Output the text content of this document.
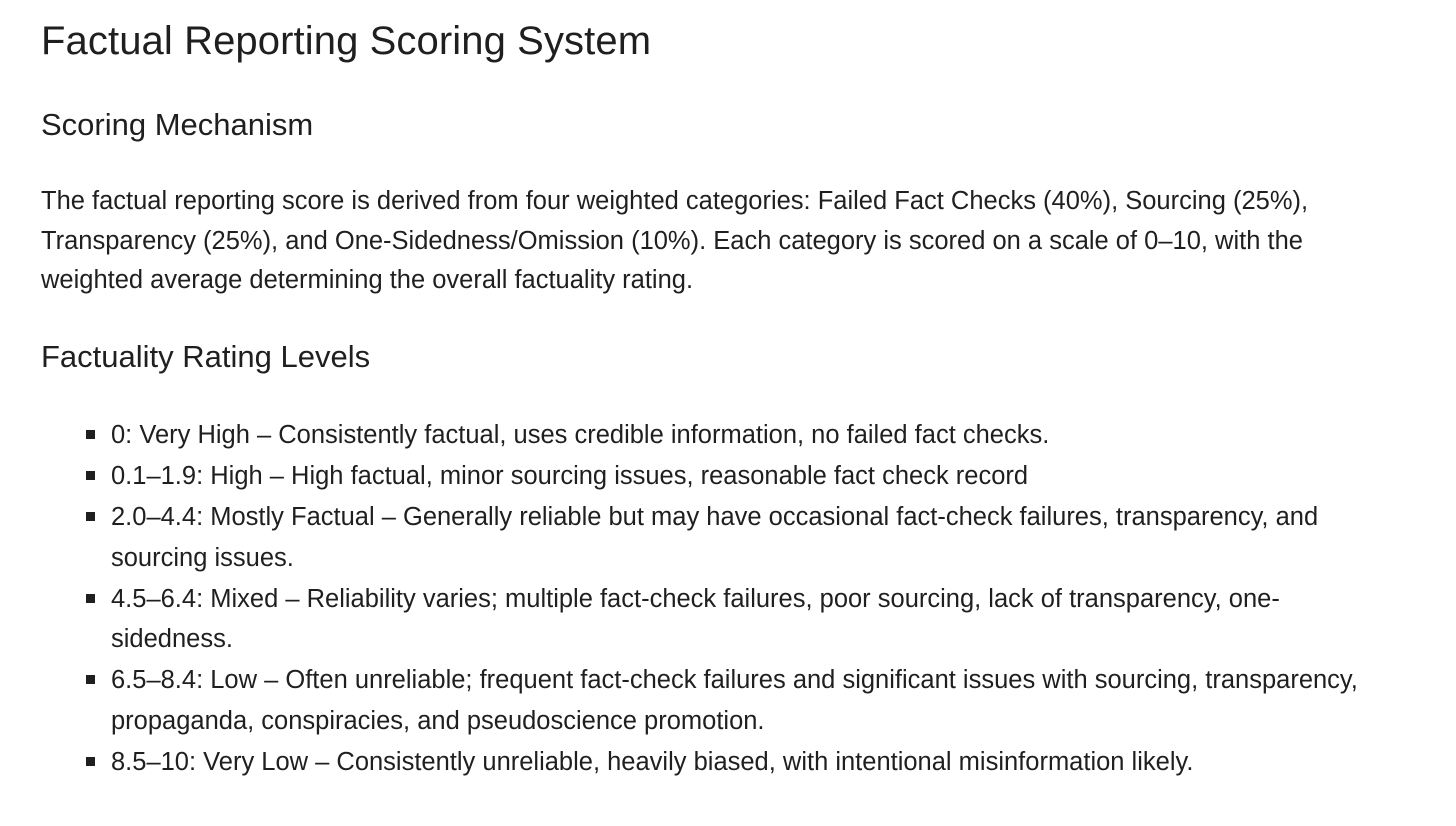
Factual Reporting Scoring System
Scoring Mechanism

The factual reporting score is derived from four weighted categories: Failed Fact Checks (40%), Sourcing (25%), Transparency (25%), and One-Sidedness/Omission (10%). Each category is scored on a scale of 0–10, with the weighted average determining the overall factuality rating.

Factuality Rating Levels
0: Very High – Consistently factual, uses credible information, no failed fact checks.
0.1–1.9: High – High factual, minor sourcing issues, reasonable fact check record
2.0–4.4: Mostly Factual – Generally reliable but may have occasional fact-check failures, transparency, and sourcing issues.
4.5–6.4: Mixed – Reliability varies; multiple fact-check failures, poor sourcing, lack of transparency, one-sidedness.
6.5–8.4: Low – Often unreliable; frequent fact-check failures and significant issues with sourcing, transparency, propaganda, conspiracies, and pseudoscience promotion.
8.5–10: Very Low – Consistently unreliable, heavily biased, with intentional misinformation likely.
